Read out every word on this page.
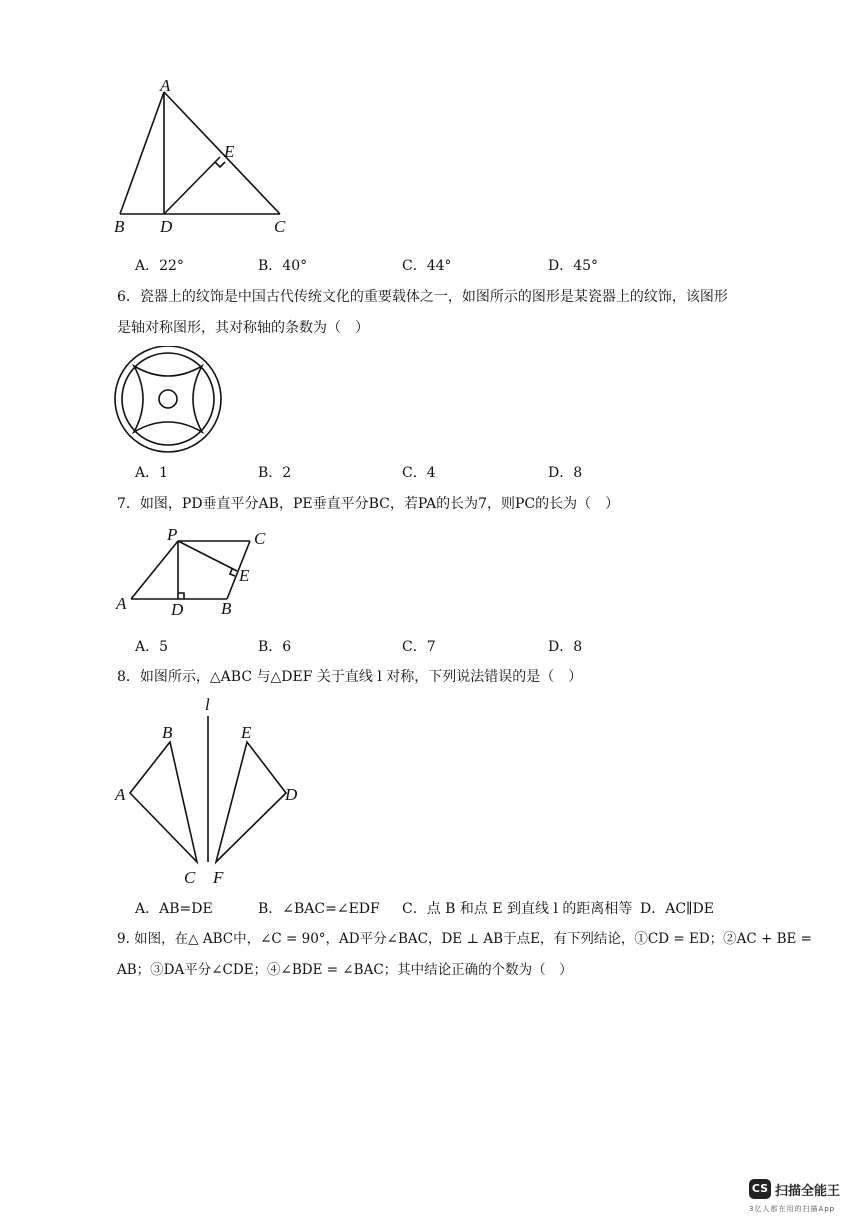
A
E
B D	C
A．22°	B．40°	C．44°	D．45°
6．瓷器上的纹饰是中国古代传统文化的重要载体之一，如图所示的图形是某瓷器上的纹饰，该图形
是轴对称图形，其对称轴的条数为（　）
A．1	B．2	C．4	D．8
7．如图，PD垂直平分AB，PE垂直平分BC，若PA的长为7，则PC的长为（　）
P	C
E
A	D B
A．5	B．6	C．7	D．8
8．如图所示，△ABC 与△DEF 关于直线 l 对称，下列说法错误的是（　）
l
B	E
A	D
C F
A．AB=DE	B．∠BAC=∠EDF C．点 B 和点 E 到直线 l 的距离相等 D．AC∥DE
9. 如图，在△ ABC中，∠C = 90°，AD平分∠BAC，DE ⊥ AB于点E，有下列结论，①CD = ED；②AC + BE =
AB；③DA平分∠CDE；④∠BDE = ∠BAC；其中结论正确的个数为（　）
CS 扫描全能王
3亿人都在用的扫描App
